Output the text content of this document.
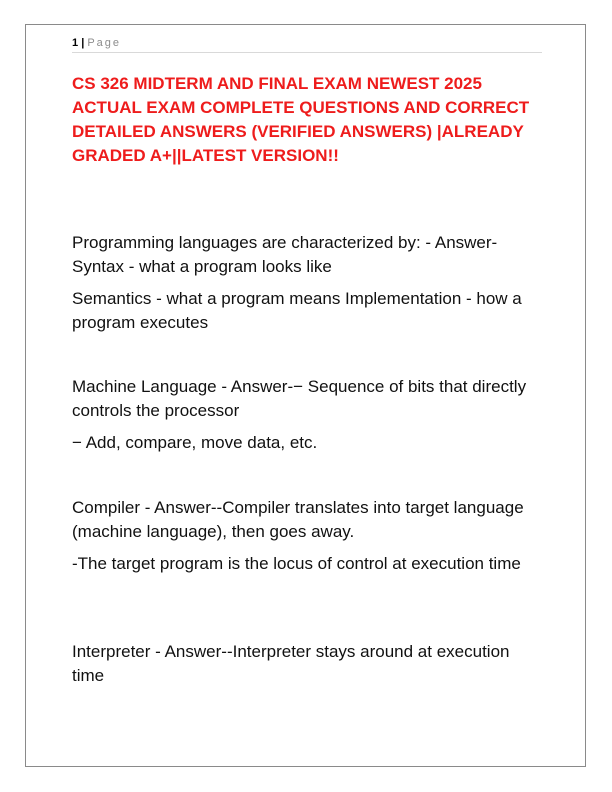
1 | Page
CS 326 MIDTERM AND FINAL EXAM NEWEST 2025 ACTUAL EXAM COMPLETE QUESTIONS AND CORRECT DETAILED ANSWERS (VERIFIED ANSWERS) |ALREADY GRADED A+||LATEST VERSION!!

Programming languages are characterized by: - Answer- Syntax - what a program looks like

Semantics - what a program means Implementation - how a program executes

Machine Language - Answer-− Sequence of bits that directly controls the processor

− Add, compare, move data, etc.

Compiler - Answer--Compiler translates into target language (machine language), then goes away.

-The target program is the locus of control at execution time

Interpreter - Answer--Interpreter stays around at execution time
